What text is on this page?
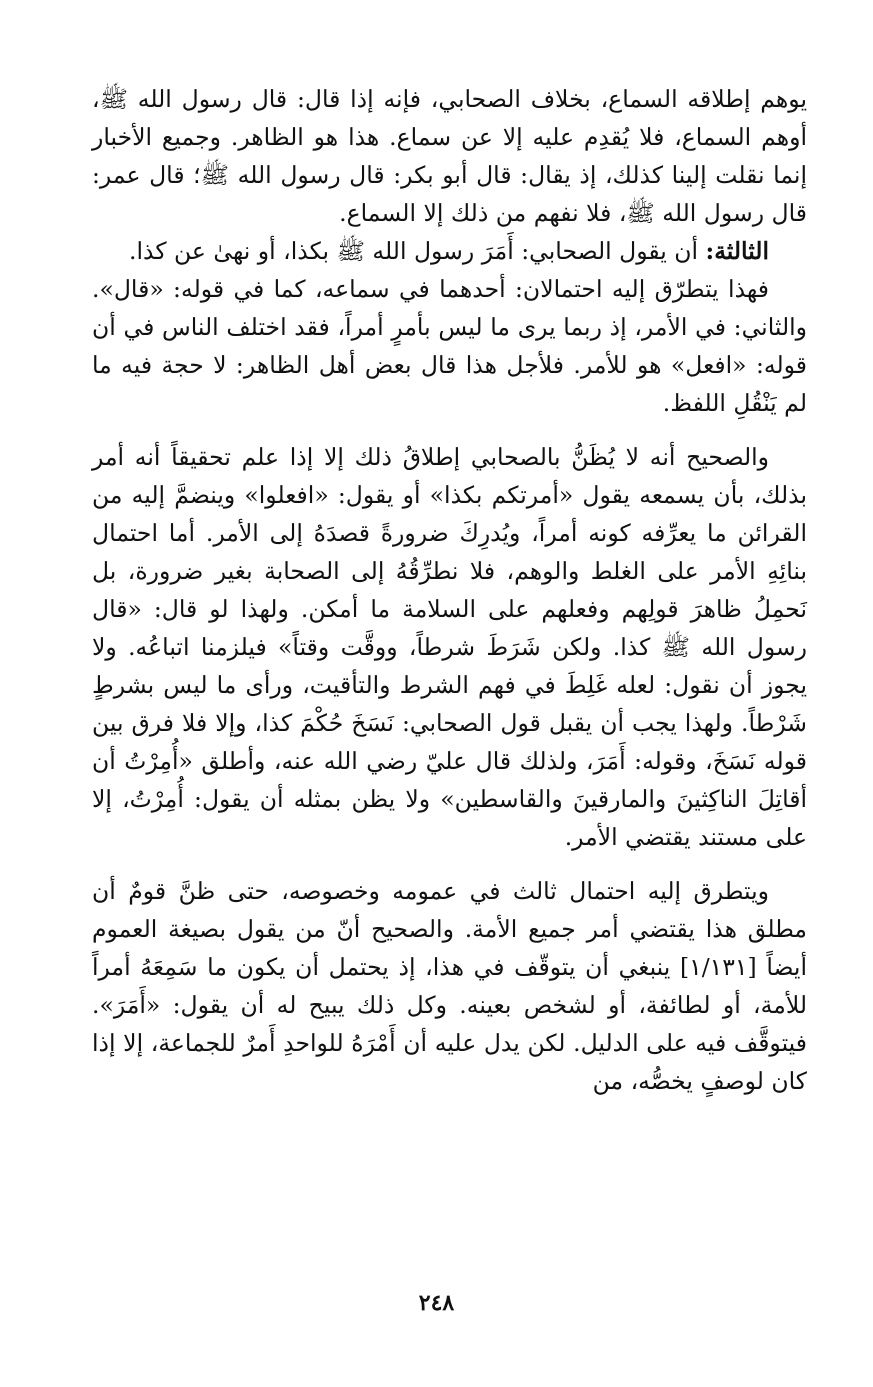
يوهم إطلاقه السماع، بخلاف الصحابي، فإنه إذا قال: قال رسول الله ﷺ، أوهم السماع، فلا يُقدِم عليه إلا عن سماع. هذا هو الظاهر. وجميع الأخبار إنما نقلت إلينا كذلك، إذ يقال: قال أبو بكر: قال رسول الله ﷺ؛ قال عمر: قال رسول الله ﷺ، فلا نفهم من ذلك إلا السماع.

الثالثة: أن يقول الصحابي: أَمَرَ رسول الله ﷺ بكذا، أو نهىٰ عن كذا.

فهذا يتطرّق إليه احتمالان: أحدهما في سماعه، كما في قوله: «قال». والثاني: في الأمر، إذ ربما يرى ما ليس بأمرٍ أمراً، فقد اختلف الناس في أن قوله: «افعل» هو للأمر. فلأجل هذا قال بعض أهل الظاهر: لا حجة فيه ما لم يَنْقُلِ اللفظ.

والصحيح أنه لا يُظَنُّ بالصحابي إطلاقُ ذلك إلا إذا علم تحقيقاً أنه أمر بذلك، بأن يسمعه يقول «أمرتكم بكذا» أو يقول: «افعلوا» وينضمَّ إليه من القرائن ما يعرِّفه كونه أمراً، ويُدرِكَ ضرورةً قصدَهُ إلى الأمر. أما احتمال بنائِهِ الأمر على الغلط والوهم، فلا نطرِّقُهُ إلى الصحابة بغير ضرورة، بل نَحمِلُ ظاهرَ قولِهم وفعلهم على السلامة ما أمكن. ولهذا لو قال: «قال رسول الله ﷺ كذا. ولكن شَرَطَ شرطاً، ووقَّت وقتاً» فيلزمنا اتباعُه. ولا يجوز أن نقول: لعله غَلِطَ في فهم الشرط والتأقيت، ورأى ما ليس بشرطٍ شَرْطاً. ولهذا يجب أن يقبل قول الصحابي: نَسَخَ حُكْمَ كذا، وإلا فلا فرق بين قوله نَسَخَ، وقوله: أَمَرَ، ولذلك قال عليّ رضي الله عنه، وأطلق «أُمِرْتُ أن أقاتِلَ الناكِثينَ والمارقينَ والقاسطين» ولا يظن بمثله أن يقول: أُمِرْتُ، إلا على مستند يقتضي الأمر.

ويتطرق إليه احتمال ثالث في عمومه وخصوصه، حتى ظنَّ قومٌ أن مطلق هذا يقتضي أمر جميع الأمة. والصحيح أنّ من يقول بصيغة العموم أيضاً [١/١٣١] ينبغي أن يتوقّف في هذا، إذ يحتمل أن يكون ما سَمِعَهُ أمراً للأمة، أو لطائفة، أو لشخص بعينه. وكل ذلك يبيح له أن يقول: «أَمَرَ». فيتوقَّف فيه على الدليل. لكن يدل عليه أن أَمْرَهُ للواحدِ أَمرٌ للجماعة، إلا إذا كان لوصفٍ يخصُّه، من

٢٤٨
